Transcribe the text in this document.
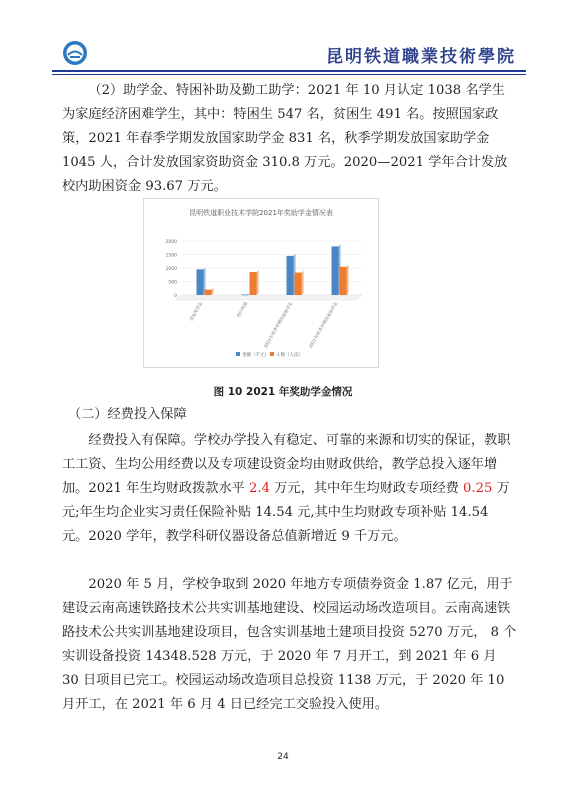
昆明铁道職業技術學院

（2）助学金、特困补助及勤工助学：2021 年 10 月认定 1038 名学生为家庭经济困难学生，其中：特困生 547 名，贫困生 491 名。按照国家政策，2021 年春季学期发放国家助学金 831 名，秋季学期发放国家助学金 1045 人，合计发放国家资助资金 310.8 万元。2020—2021 学年合计发放校内助困资金 93.67 万元。

昆明铁道职业技术学院2021年奖助学金情况表
0
500
1000
1500
2000
国家奖学金	校内奖励	2021年春季学期国家助学金	2021年秋季学期国家助学金
金额（千元） 人数（人次）
图 10 2021 年奖助学金情况
（二）经费投入保障

经费投入有保障。学校办学投入有稳定、可靠的来源和切实的保证，教职工工资、生均公用经费以及专项建设资金均由财政供给，教学总投入逐年增加。2021 年生均财政拨款水平 2.4 万元，其中年生均财政专项经费 0.25 万元;年生均企业实习责任保险补贴 14.54 元,其中生均财政专项补贴 14.54 元。2020 学年，教学科研仪器设备总值新增近 9 千万元。

2020 年 5 月，学校争取到 2020 年地方专项债券资金 1.87 亿元，用于建设云南高速铁路技术公共实训基地建设、校园运动场改造项目。云南高速铁路技术公共实训基地建设项目，包含实训基地土建项目投资 5270 万元， 8 个实训设备投资 14348.528 万元，于 2020 年 7 月开工，到 2021 年 6 月 30 日项目已完工。校园运动场改造项目总投资 1138 万元，于 2020 年 10 月开工，在 2021 年 6 月 4 日已经完工交验投入使用。

24
